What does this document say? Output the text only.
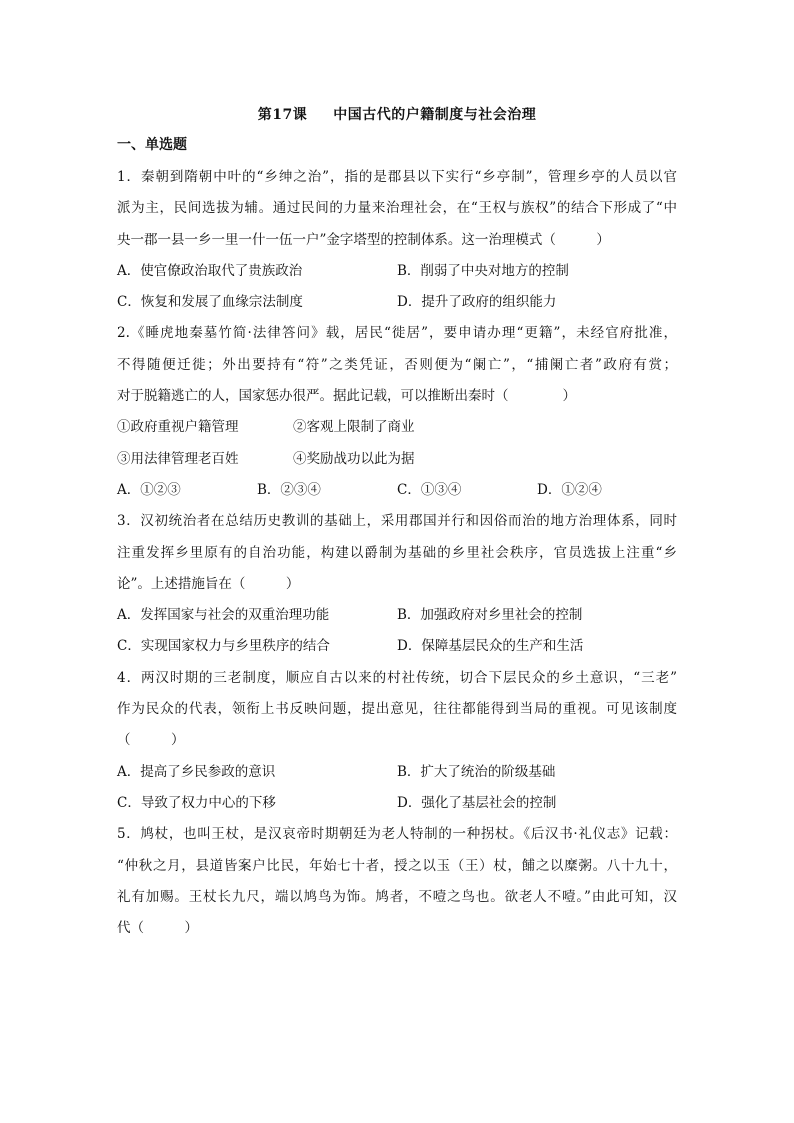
第17课 中国古代的户籍制度与社会治理
一、单选题
1．秦朝到隋朝中叶的“乡绅之治”，指的是郡县以下实行“乡亭制”，管理乡亭的人员以官
派为主，民间选拔为辅。通过民间的力量来治理社会，在“王权与族权”的结合下形成了“中
央一郡一县一乡一里一什一伍一户”金字塔型的控制体系。这一治理模式（　　　）
A．使官僚政治取代了贵族政治	B．削弱了中央对地方的控制
C．恢复和发展了血缘宗法制度	D．提升了政府的组织能力
2.《睡虎地秦墓竹简·法律答问》载，居民“徙居”，要申请办理“更籍”，未经官府批准，
不得随便迁徙；外出要持有“符”之类凭证，否则便为“阑亡”，“捕阑亡者”政府有赏；
对于脱籍逃亡的人，国家惩办很严。据此记载，可以推断出秦时（　　　　）
①政府重视户籍管理	②客观上限制了商业
③用法律管理老百姓	④奖励战功以此为据
A．①②③	B．②③④	C．①③④	D．①②④
3．汉初统治者在总结历史教训的基础上，采用郡国并行和因俗而治的地方治理体系，同时
注重发挥乡里原有的自治功能，构建以爵制为基础的乡里社会秩序，官员选拔上注重“乡
论”。上述措施旨在（　　　）
A．发挥国家与社会的双重治理功能	B．加强政府对乡里社会的控制
C．实现国家权力与乡里秩序的结合	D．保障基层民众的生产和生活
4．两汉时期的三老制度，顺应自古以来的村社传统，切合下层民众的乡土意识，“三老”
作为民众的代表，领衔上书反映问题，提出意见，往往都能得到当局的重视。可见该制度
（　　　）
A．提高了乡民参政的意识	B．扩大了统治的阶级基础
C．导致了权力中心的下移	D．强化了基层社会的控制
5．鸠杖，也叫王杖，是汉哀帝时期朝廷为老人特制的一种拐杖。《后汉书·礼仪志》记载：
“仲秋之月，县道皆案户比民，年始七十者，授之以玉（王）杖，餔之以糜粥。八十九十，
礼有加赐。王杖长九尺，端以鸠鸟为饰。鸠者，不噎之鸟也。欲老人不噎。”由此可知，汉
代（　　　）
